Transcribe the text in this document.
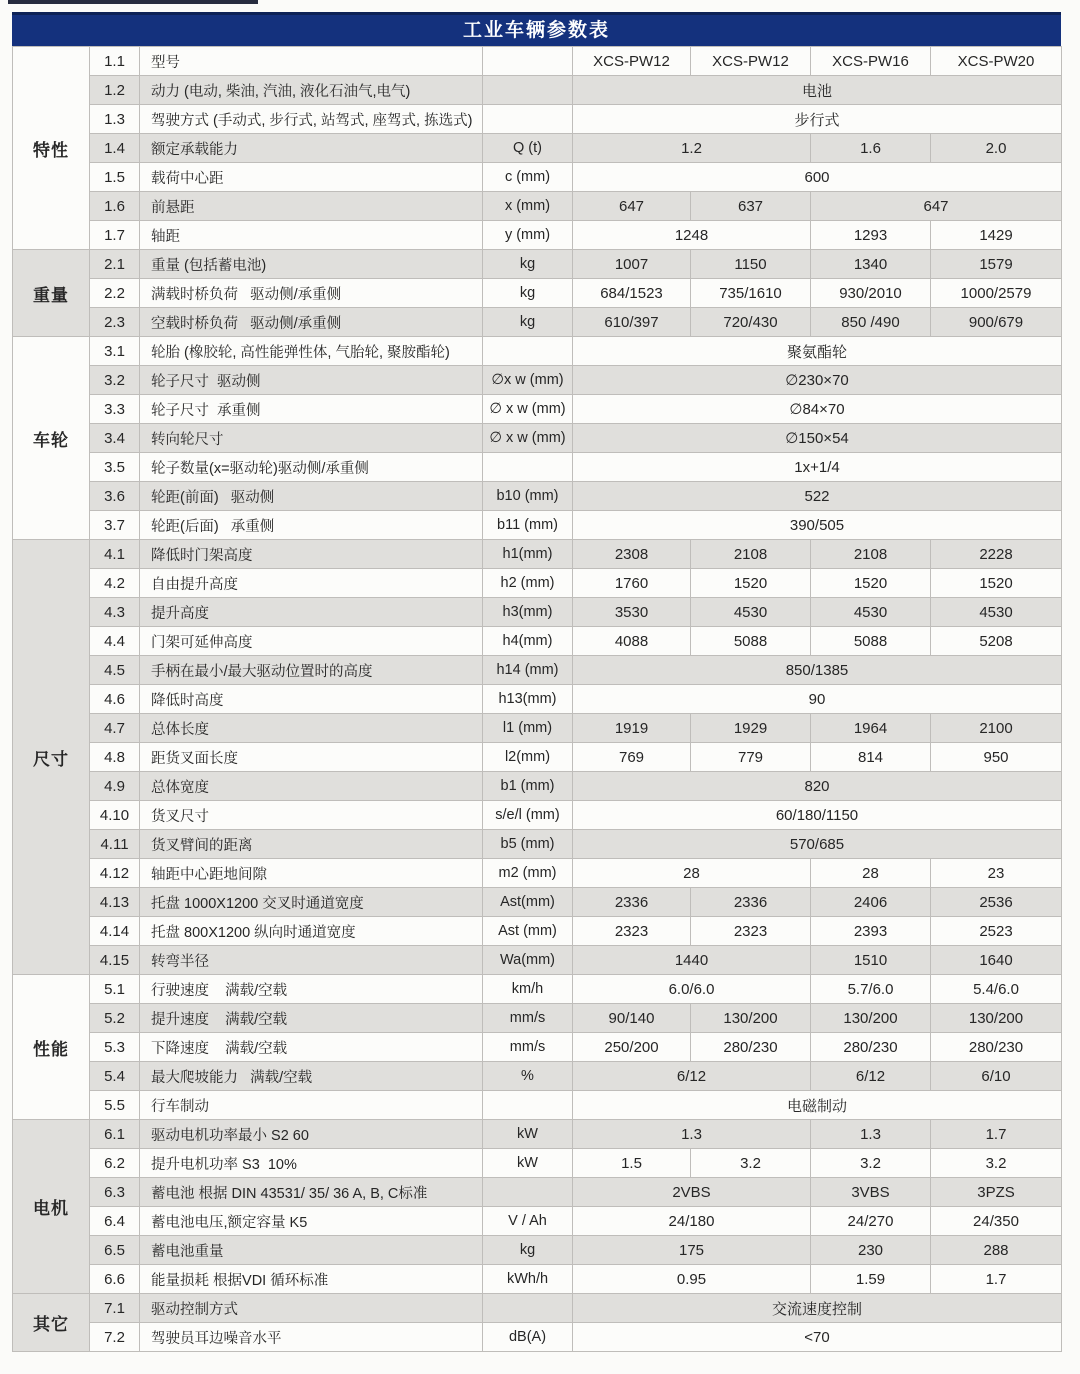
工业车辆参数表
特性	1.1	型号		XCS-PW12	XCS-PW12	XCS-PW16	XCS-PW20
	1.2	动力 (电动, 柴油, 汽油, 液化石油气,电气)		电池			
	1.3	驾驶方式 (手动式, 步行式, 站驾式, 座驾式, 拣选式)		步行式			
	1.4	额定承载能力	Q (t)	1.2		1.6	2.0
	1.5	载荷中心距	c (mm)	600			
	1.6	前悬距	x (mm)	647	637	647	
	1.7	轴距	y (mm)	1248		1293	1429
重量	2.1	重量 (包括蓄电池)	kg	1007	1150	1340	1579
	2.2	满载时桥负荷   驱动侧/承重侧	kg	684/1523	735/1610	930/2010	1000/2579
	2.3	空载时桥负荷   驱动侧/承重侧	kg	610/397	720/430	850 /490	900/679
车轮	3.1	轮胎 (橡胶轮, 高性能弹性体, 气胎轮, 聚胺酯轮)		聚氨酯轮			
	3.2	轮子尺寸  驱动侧	∅x w (mm)	∅230×70			
	3.3	轮子尺寸  承重侧	∅ x w (mm)	∅84×70			
	3.4	转向轮尺寸	∅ x w (mm)	∅150×54			
	3.5	轮子数量(x=驱动轮)驱动侧/承重侧		1x+1/4			
	3.6	轮距(前面)   驱动侧	b10 (mm)	522			
	3.7	轮距(后面)   承重侧	b11 (mm)	390/505			
尺寸	4.1	降低时门架高度	h1(mm)	2308	2108	2108	2228
	4.2	自由提升高度	h2 (mm)	1760	1520	1520	1520
	4.3	提升高度	h3(mm)	3530	4530	4530	4530
	4.4	门架可延伸高度	h4(mm)	4088	5088	5088	5208
	4.5	手柄在最小/最大驱动位置时的高度	h14 (mm)	850/1385			
	4.6	降低时高度	h13(mm)	90			
	4.7	总体长度	l1 (mm)	1919	1929	1964	2100
	4.8	距货叉面长度	l2(mm)	769	779	814	950
	4.9	总体宽度	b1 (mm)	820			
	4.10	货叉尺寸	s/e/l (mm)	60/180/1150			
	4.11	货叉臂间的距离	b5 (mm)	570/685			
	4.12	轴距中心距地间隙	m2 (mm)	28		28	23
	4.13	托盘 1000X1200 交叉时通道宽度	Ast(mm)	2336	2336	2406	2536
	4.14	托盘 800X1200 纵向时通道宽度	Ast (mm)	2323	2323	2393	2523
	4.15	转弯半径	Wa(mm)	1440		1510	1640
性能	5.1	行驶速度    满载/空载	km/h	6.0/6.0		5.7/6.0	5.4/6.0
	5.2	提升速度    满载/空载	mm/s	90/140	130/200	130/200	130/200
	5.3	下降速度    满载/空载	mm/s	250/200	280/230	280/230	280/230
	5.4	最大爬坡能力   满载/空载	%	6/12		6/12	6/10
	5.5	行车制动		电磁制动			
电机	6.1	驱动电机功率最小 S2 60	kW	1.3		1.3	1.7
	6.2	提升电机功率 S3  10%	kW	1.5	3.2	3.2	3.2
	6.3	蓄电池 根据 DIN 43531/ 35/ 36 A, B, C标准		2VBS		3VBS	3PZS
	6.4	蓄电池电压,额定容量 K5	V / Ah	24/180		24/270	24/350
	6.5	蓄电池重量	kg	175		230	288
	6.6	能量损耗 根据VDI 循环标准	kWh/h	0.95		1.59	1.7
其它	7.1	驱动控制方式		交流速度控制			
	7.2	驾驶员耳边噪音水平	dB(A)	<70			
